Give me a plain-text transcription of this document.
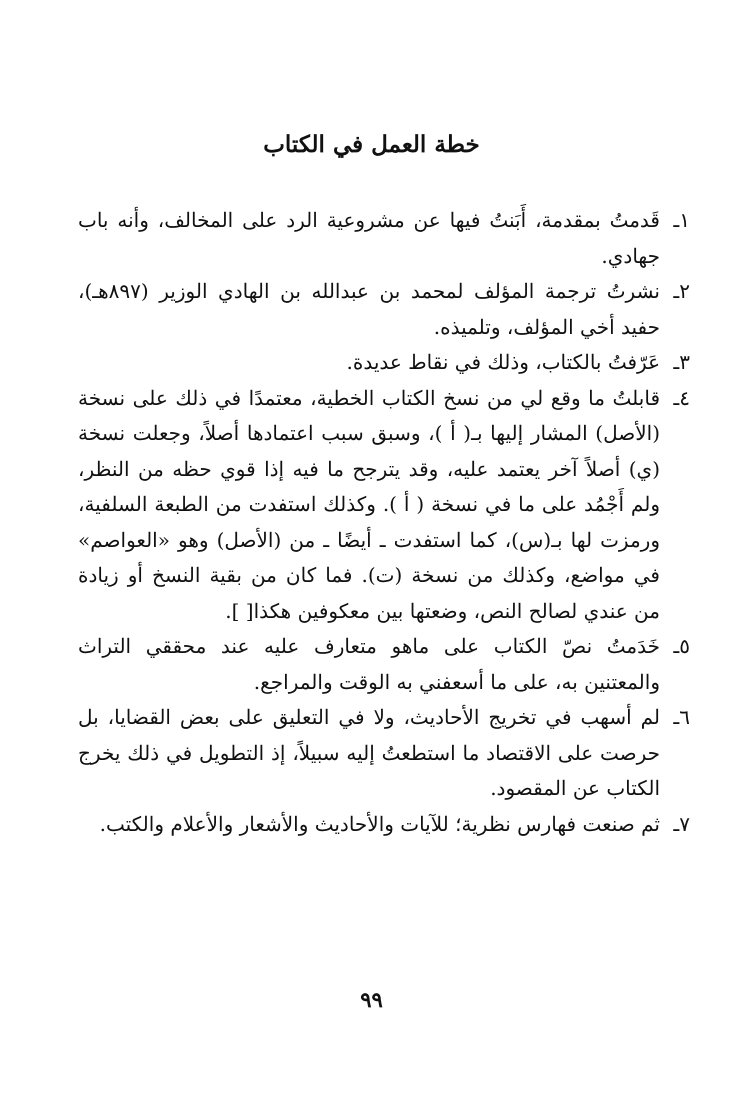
خطة العمل في الكتاب
١ـ
قَدمتُ بمقدمة، أَبَنتُ فيها عن مشروعية الرد على المخالف، وأنه باب جهادي.
٢ـ
نشرتُ ترجمة المؤلف لمحمد بن عبدالله بن الهادي الوزير (٨٩٧هـ)، حفيد أخي المؤلف، وتلميذه.
٣ـ
عَرّفتُ بالكتاب، وذلك في نقاط عديدة.
٤ـ
قابلتُ ما وقع لي من نسخ الكتاب الخطية، معتمدًا في ذلك على نسخة (الأصل) المشار إليها بـ( أ )، وسبق سبب اعتمادها أصلاً، وجعلت نسخة (ي) أصلاً آخر يعتمد عليه، وقد يترجح ما فيه إذا قوي حظه من النظر، ولم أَجْمُد على ما في نسخة ( أ ). وكذلك استفدت من الطبعة السلفية، ورمزت لها بـ(س)، كما استفدت ـ أيضًا ـ من (الأصل) وهو «العواصم» في مواضع، وكذلك من نسخة (ت). فما كان من بقية النسخ أو زيادة من عندي لصالح النص، وضعتها بين معكوفين هكذا[ ].
٥ـ
خَدَمتُ نصّ الكتاب على ماهو متعارف عليه عند محققي التراث والمعتنين به، على ما أسعفني به الوقت والمراجع.
٦ـ
لم أسهب في تخريج الأحاديث، ولا في التعليق على بعض القضايا، بل حرصت على الاقتصاد ما استطعتُ إليه سبيلاً، إذ التطويل في ذلك يخرج الكتاب عن المقصود.
٧ـ
ثم صنعت فهارس نظرية؛ للآيات والأحاديث والأشعار والأعلام والكتب.
٩٩
